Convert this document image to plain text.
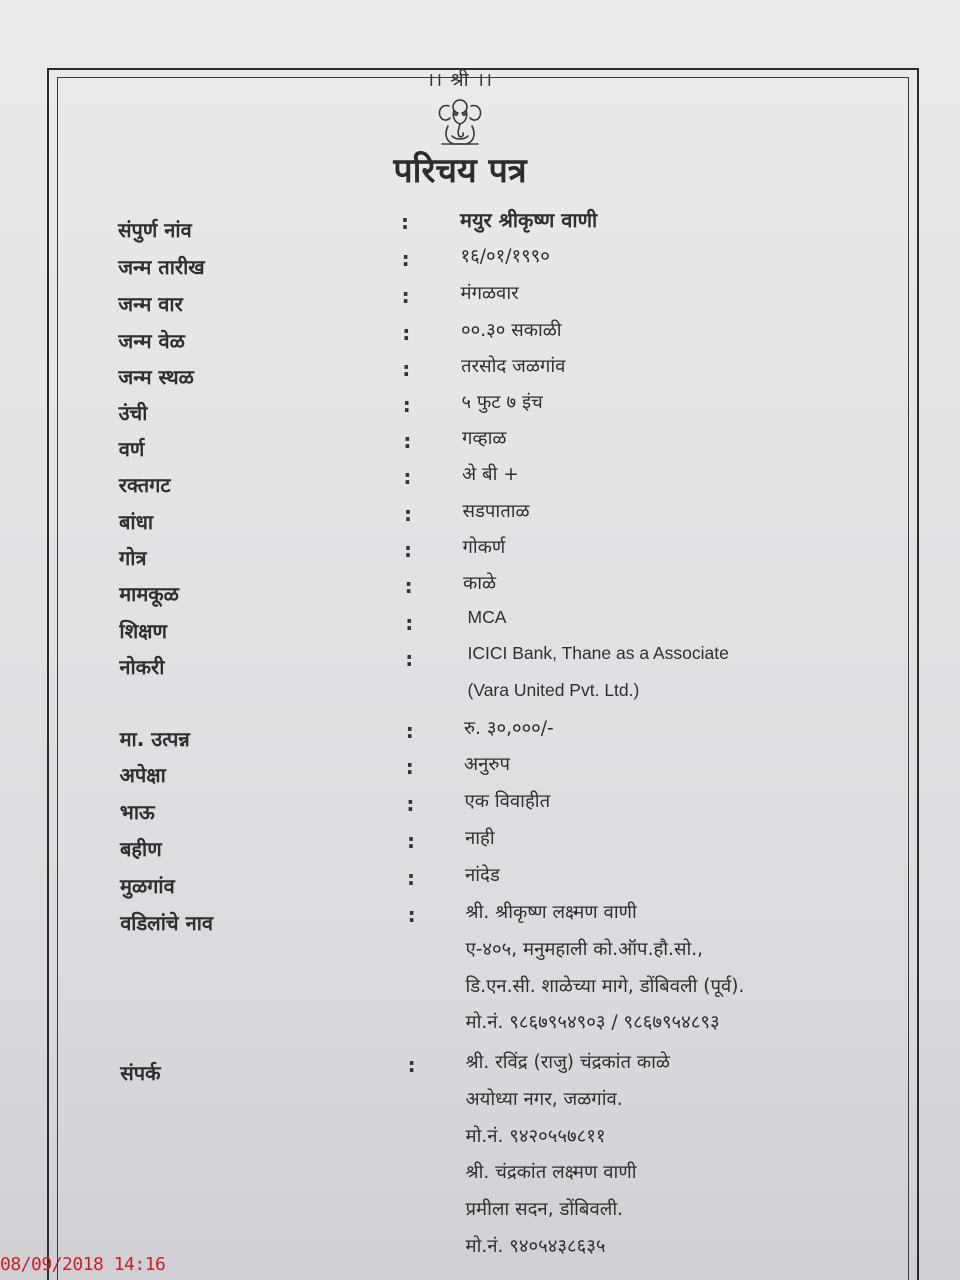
।। श्री ।।
परिचय पत्र
संपुर्ण नांव	:	मयुर श्रीकृष्ण वाणी
जन्म तारीख	:	१६/०१/१९९०
जन्म वार	:	मंगळवार
जन्म वेळ	:	००.३० सकाळी
जन्म स्थळ	:	तरसोद जळगांव
उंची	:	५ फुट ७ इंच
वर्ण	:	गव्हाळ
रक्तगट	:	अे बी +
बांधा	:	सडपाताळ
गोत्र	:	गोकर्ण
मामकूळ	:	काळे
शिक्षण	:	MCA
नोकरी	:	ICICI Bank, Thane as a Associate
(Vara United Pvt. Ltd.)
मा. उत्पन्न	:	रु. ३०,०००/-
अपेक्षा	:	अनुरुप
भाऊ	:	एक विवाहीत
बहीण	:	नाही
मुळगांव	:	नांदेड
वडिलांचे नाव	:	श्री. श्रीकृष्ण लक्ष्मण वाणी
ए-४०५, मनुमहाली को.ऑप.हौ.सो.,
डि.एन.सी. शाळेच्या मागे, डोंबिवली (पूर्व).
मो.नं. ९८६७९५४९०३ / ९८६७९५४८९३
संपर्क	:	श्री. रविंद्र (राजु) चंद्रकांत काळे
अयोध्या नगर, जळगांव.
मो.नं. ९४२०५५७८११
श्री. चंद्रकांत लक्ष्मण वाणी
प्रमीला सदन, डोंबिवली.
मो.नं. ९४०५४३८६३५
08/09/2018 14:16
